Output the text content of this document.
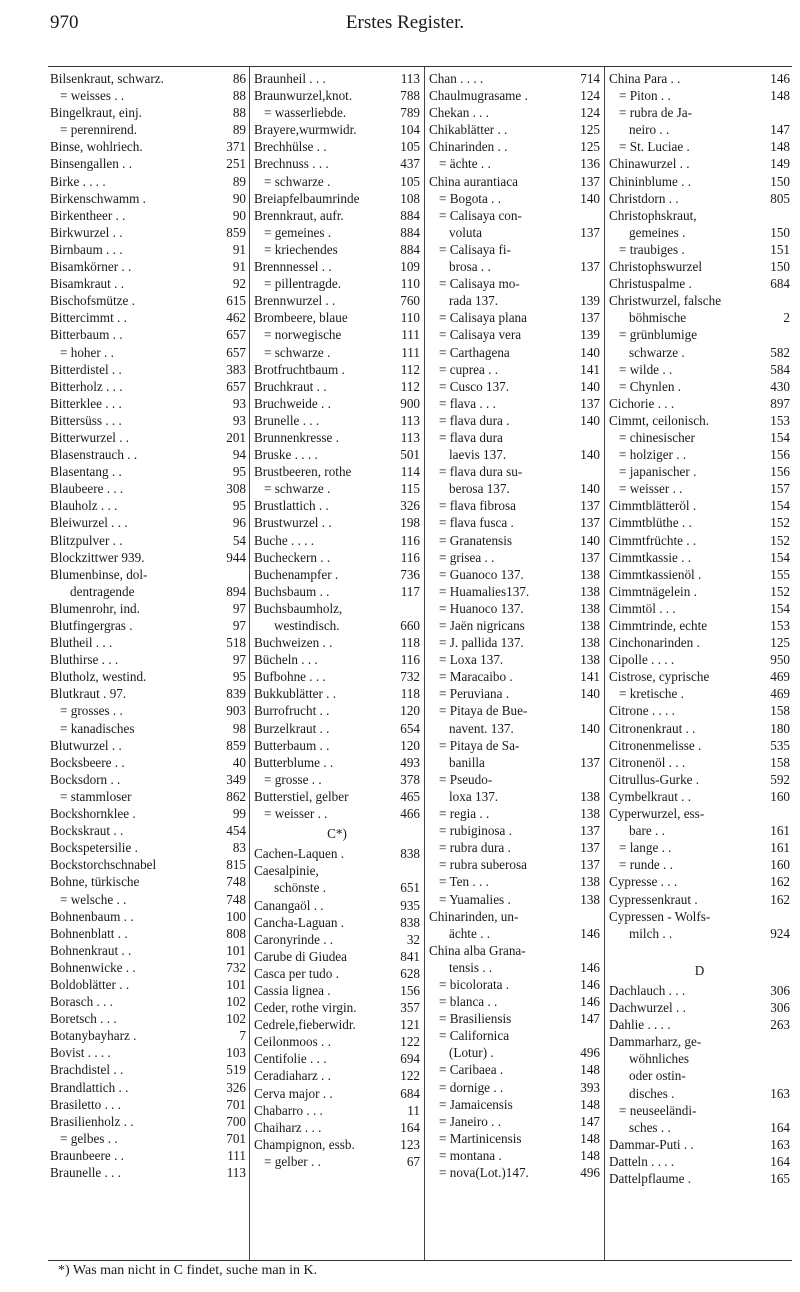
970	Erstes Register.
Bilsenkraut, schwarz.	86
= weisses . .	88
Bingelkraut, einj.	88
= perennirend.	89
Binse, wohlriech.	371
Binsengallen . .	251
Birke . . . .	89
Birkenschwamm .	90
Birkentheer . .	90
Birkwurzel . .	859
Birnbaum . . .	91
Bisamkörner . .	91
Bisamkraut . .	92
Bischofsmütze .	615
Bittercimmt . .	462
Bitterbaum . .	657
= hoher . .	657
Bitterdistel . .	383
Bitterholz . . .	657
Bitterklee . . .	93
Bittersüss . . .	93
Bitterwurzel . .	201
Blasenstrauch . .	94
Blasentang . .	95
Blaubeere . . .	308
Blauholz . . .	95
Bleiwurzel . . .	96
Blitzpulver . .	54
Blockzittwer 939.	944
Blumenbinse, dol-
dentragende	894
Blumenrohr, ind.	97
Blutfingergras .	97
Blutheil . . .	518
Bluthirse . . .	97
Blutholz, westind.	95
Blutkraut . 97.	839
= grosses . .	903
= kanadisches	98
Blutwurzel . .	859
Bocksbeere . .	40
Bocksdorn . .	349
= stammloser	862
Bockshornklee .	99
Bockskraut . .	454
Bockspetersilie .	83
Bockstorchschnabel	815
Bohne, türkische	748
= welsche . .	748
Bohnenbaum . .	100
Bohnenblatt . .	808
Bohnenkraut . .	101
Bohnenwicke . .	732
Boldoblätter . .	101
Borasch . . .	102
Boretsch . . .	102
Botanybayharz .	7
Bovist . . . .	103
Brachdistel . .	519
Brandlattich . .	326
Brasiletto . . .	701
Brasilienholz . .	700
= gelbes . .	701
Braunbeere . .	111
Braunelle . . .	113
Braunheil . . .	113
Braunwurzel,knot.	788
= wasserliebde.	789
Brayere,wurmwidr.	104
Brechhülse . .	105
Brechnuss . . .	437
= schwarze .	105
Breiapfelbaumrinde	108
Brennkraut, aufr.	884
= gemeines .	884
= kriechendes	884
Brennnessel . .	109
= pillentragde.	110
Brennwurzel . .	760
Brombeere, blaue	110
= norwegische	111
= schwarze .	111
Brotfruchtbaum .	112
Bruchkraut . .	112
Bruchweide . .	900
Brunelle . . .	113
Brunnenkresse .	113
Bruske . . . .	501
Brustbeeren, rothe	114
= schwarze .	115
Brustlattich . .	326
Brustwurzel . .	198
Buche . . . .	116
Bucheckern . .	116
Buchenampfer .	736
Buchsbaum . .	117
Buchsbaumholz,
westindisch.	660
Buchweizen . .	118
Bücheln . . .	116
Bufbohne . . .	732
Bukkublätter . .	118
Burrofrucht . .	120
Burzelkraut . .	654
Butterbaum . .	120
Butterblume . .	493
= grosse . .	378
Butterstiel, gelber	465
= weisser . .	466
C*)
Cachen-Laquen .	838
Caesalpinie,
schönste .	651
Canangaöl . .	935
Cancha-Laguan .	838
Caronyrinde . .	32
Carube di Giudea	841
Casca per tudo .	628
Cassia lignea .	156
Ceder, rothe virgin.	357
Cedrele,fieberwidr.	121
Ceilonmoos . .	122
Centifolie . . .	694
Ceradiaharz . .	122
Cerva major . .	684
Chabarro . . .	11
Chaiharz . . .	164
Champignon, essb.	123
= gelber . .	67
Chan . . . .	714
Chaulmugrasame .	124
Chekan . . .	124
Chikablätter . .	125
Chinarinden . .	125
= ächte . .	136
China aurantiaca	137
= Bogota . .	140
= Calisaya con-
voluta	137
= Calisaya fi-
brosa . .	137
= Calisaya mo-
rada 137.	139
= Calisaya plana	137
= Calisaya vera	139
= Carthagena	140
= cuprea . .	141
= Cusco 137.	140
= flava . . .	137
= flava dura .	140
= flava dura
laevis 137.	140
= flava dura su-
berosa 137.	140
= flava fibrosa	137
= flava fusca .	137
= Granatensis	140
= grisea . .	137
= Guanoco 137.	138
= Huamalies137.	138
= Huanoco 137.	138
= Jaën nigricans	138
= J. pallida 137.	138
= Loxa 137.	138
= Maracaibo .	141
= Peruviana .	140
= Pitaya de Bue-
navent. 137.	140
= Pitaya de Sa-
banilla	137
= Pseudo-
loxa 137.	138
= regia . .	138
= rubiginosa .	137
= rubra dura .	137
= rubra suberosa	137
= Ten . . .	138
= Yuamalies .	138
Chinarinden, un-
ächte . .	146
China alba Grana-
tensis . .	146
= bicolorata .	146
= blanca . .	146
= Brasiliensis	147
= Californica
(Lotur) .	496
= Caribaea .	148
= dornige . .	393
= Jamaicensis	148
= Janeiro . .	147
= Martinicensis	148
= montana .	148
= nova(Lot.)147.	496
China Para . .	146
= Piton . .	148
= rubra de Ja-
neiro . .	147
= St. Luciae .	148
Chinawurzel . .	149
Chininblume . .	150
Christdorn . .	805
Christophskraut,
gemeines .	150
= traubiges .	151
Christophswurzel	150
Christuspalme .	684
Christwurzel, falsche
böhmische	2
= grünblumige
schwarze .	582
= wilde . .	584
= Chynlen .	430
Cichorie . . .	897
Cimmt, ceilonisch.	153
= chinesischer	154
= holziger . .	156
= japanischer .	156
= weisser . .	157
Cimmtblätteröl .	154
Cimmtblüthe . .	152
Cimmtfrüchte . .	152
Cimmtkassie . .	154
Cimmtkassienöl .	155
Cimmtnägelein .	152
Cimmtöl . . .	154
Cimmtrinde, echte	153
Cinchonarinden .	125
Cipolle . . . .	950
Cistrose, cyprische	469
= kretische .	469
Citrone . . . .	158
Citronenkraut . .	180
Citronenmelisse .	535
Citronenöl . . .	158
Citrullus-Gurke .	592
Cymbelkraut . .	160
Cyperwurzel, ess-
bare . .	161
= lange . .	161
= runde . .	160
Cypresse . . .	162
Cypressenkraut .	162
Cypressen - Wolfs-
milch . .	924

D
Dachlauch . . .	306
Dachwurzel . .	306
Dahlie . . . .	263
Dammarharz, ge-
wöhnliches
oder ostin-
disches .	163
= neuseeländi-
sches . .	164
Dammar-Puti . .	163
Datteln . . . .	164
Dattelpflaume .	165
*) Was man nicht in C findet, suche man in K.
